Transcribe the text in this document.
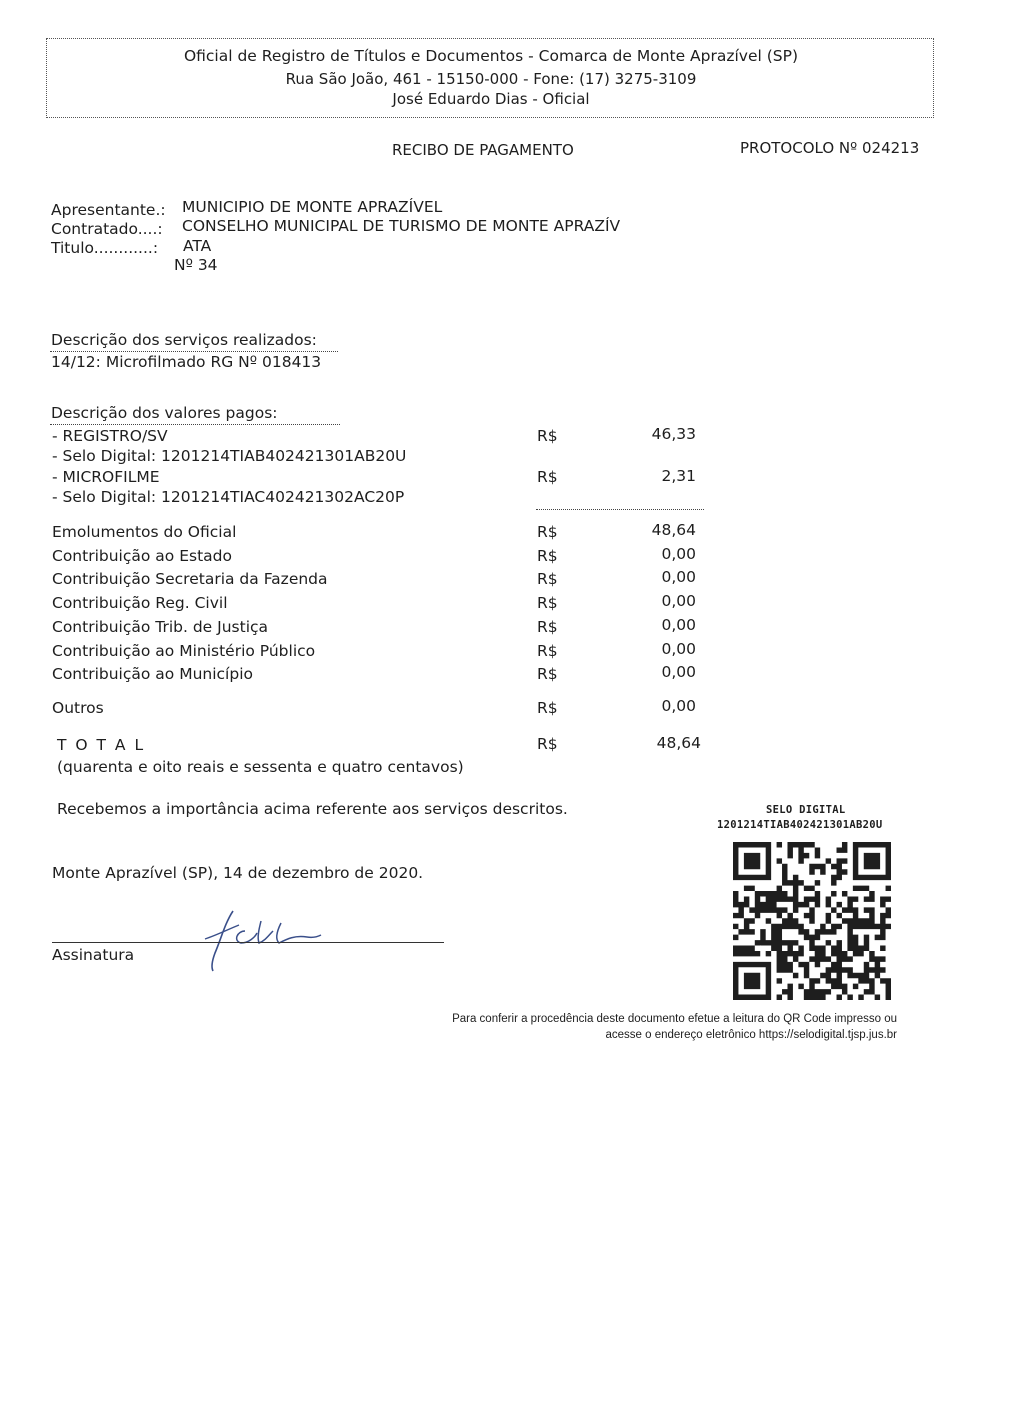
Oficial de Registro de Títulos e Documentos - Comarca de Monte Aprazível (SP)
Rua São João, 461 - 15150-000 - Fone: (17) 3275-3109
José Eduardo Dias - Oficial
RECIBO DE PAGAMENTO	PROTOCOLO Nº 024213
Apresentante.: MUNICIPIO DE MONTE APRAZÍVEL
Contratado....: CONSELHO MUNICIPAL DE TURISMO DE MONTE APRAZÍV
Titulo............: ATA
Nº 34
Descrição dos serviços realizados:
14/12: Microfilmado RG Nº 018413
Descrição dos valores pagos:
- REGISTRO/SV	R$	46,33
- Selo Digital: 1201214TIAB402421301AB20U
- MICROFILME	R$	2,31
- Selo Digital: 1201214TIAC402421302AC20P
Emolumentos do Oficial	R$	48,64
Contribuição ao Estado	R$	0,00
Contribuição Secretaria da Fazenda	R$	0,00
Contribuição Reg. Civil	R$	0,00
Contribuição Trib. de Justiça	R$	0,00
Contribuição ao Ministério Público	R$	0,00
Contribuição ao Município	R$	0,00
Outros	R$	0,00
T O T A L	R$	48,64
(quarenta e oito reais e sessenta e quatro centavos)
Recebemos a importância acima referente aos serviços descritos.
Monte Aprazível (SP), 14 de dezembro de 2020.
Assinatura
SELO DIGITAL
1201214TIAB402421301AB20U
Para conferir a procedência deste documento efetue a leitura do QR Code impresso ou
acesse o endereço eletrônico https://selodigital.tjsp.jus.br
